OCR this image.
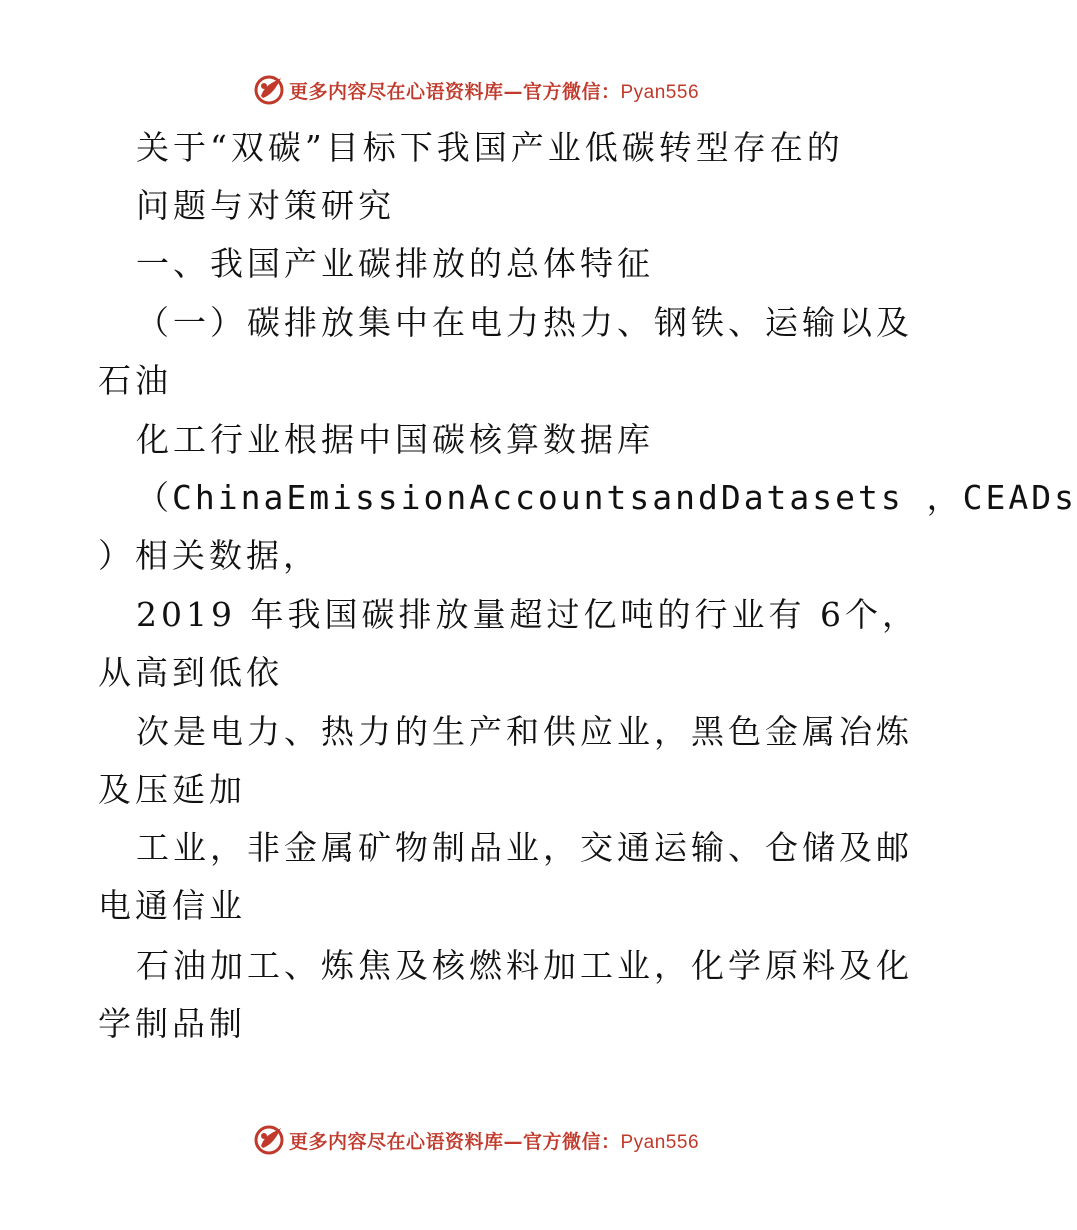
更多内容尽在心语资料库—官方微信：Pyan556
关于“双碳”目标下我国产业低碳转型存在的
问题与对策研究
一、我国产业碳排放的总体特征
（一）碳排放集中在电力热力、钢铁、运输以及
石油
化工行业根据中国碳核算数据库
（ChinaEmissionAccountsandDatasets ，CEADs
）相关数据，
2019 年我国碳排放量超过亿吨的行业有 6个，
从高到低依
次是电力、热力的生产和供应业，黑色金属冶炼
及压延加
工业，非金属矿物制品业，交通运输、仓储及邮
电通信业
石油加工、炼焦及核燃料加工业，化学原料及化
学制品制
更多内容尽在心语资料库—官方微信：Pyan556
